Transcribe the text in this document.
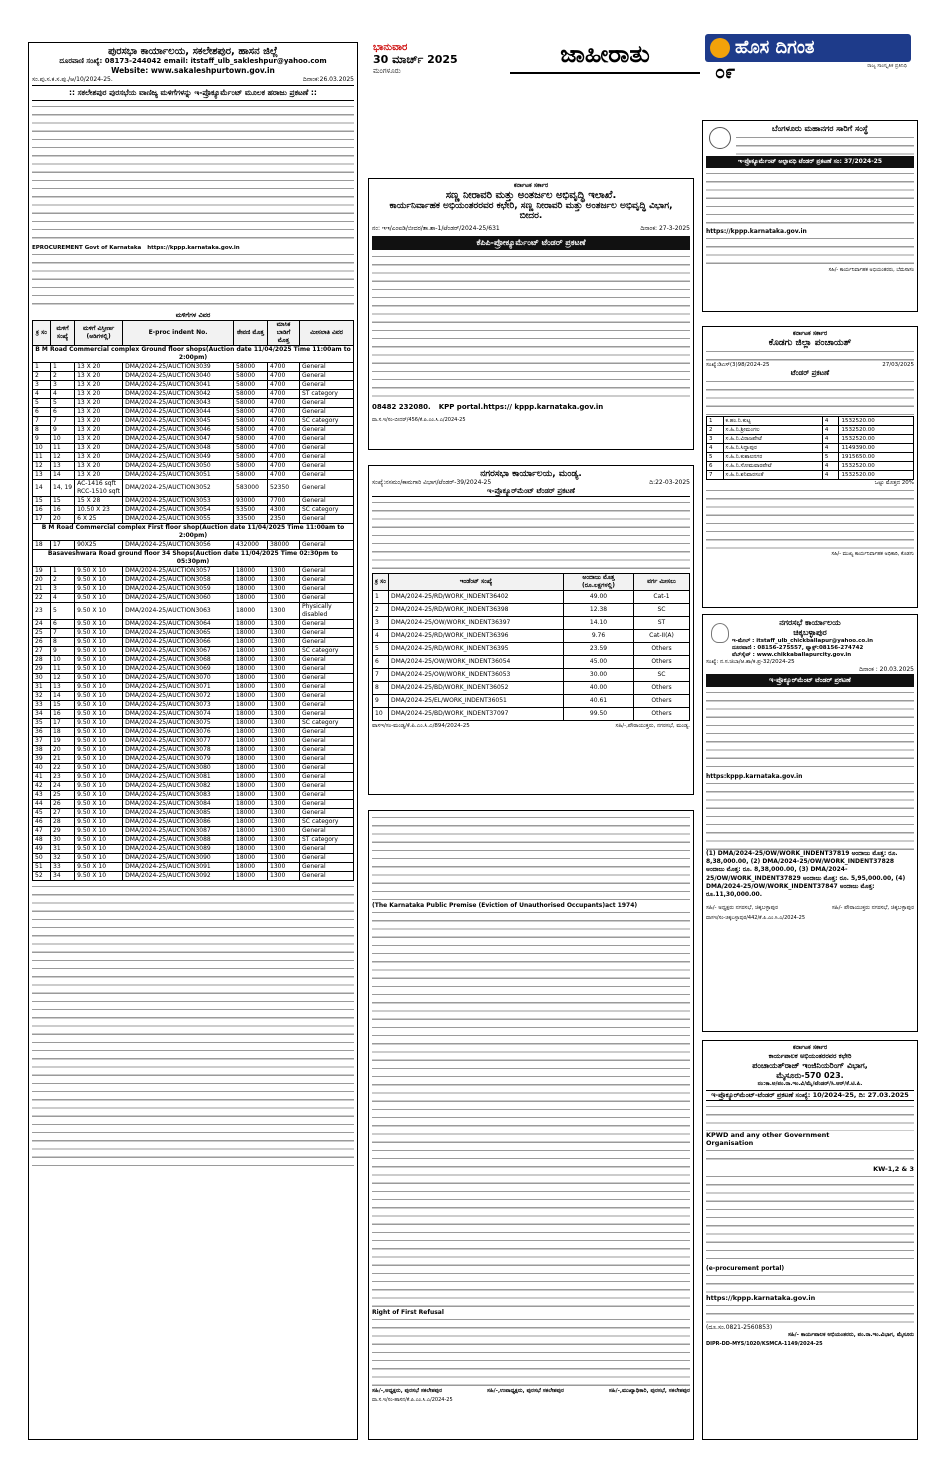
ಭಾನುವಾರ
30 ಮಾರ್ಚ್ 2025
ಮಂಗಳೂರು
ಜಾಹೀರಾತು	ಹೊಸ ದಿಗಂತ
ರಾಜ್ಯ ಸಾಂಸ್ಕೃತಿಕ ಪ್ರತಿನಿಧಿ
೦೯
ಪುರಸಭಾ ಕಾರ್ಯಾಲಯ, ಸಕಲೇಶಪುರ, ಹಾಸನ ಜಿಲ್ಲೆ
ದೂರವಾಣಿ ಸಂಖ್ಯೆ: 08173-244042 email: itstaff_ulb_sakleshpur@yahoo.com
Website: www.sakaleshpurtown.gov.in
ಸಂ.ಪು.ಸ.ಕ.ಸ.ಪು./ಆ/10/2024-25.	ದಿನಾಂಕ:26.03.2025
:: ಸಕಲೇಶಪುರ ಪುರಸಭೆಯ ವಾಣಿಜ್ಯ ಮಳಿಗೆಗಳನ್ನು ಇ-ಪ್ರೊಕ್ಯೂರ್ಮೆಂಟ್ ಮೂಲಕ ಹರಾಜು ಪ್ರಕಟಣೆ ::
EPROCUREMENT Govt of Karnataka https://kppp.karnataka.gov.in
ಮಳಿಗೆಗಳ ವಿವರ
ಕ್ರ ಸಂ	ಮಳಿಗೆ ಸಂಖ್ಯೆ	ಮಳಿಗೆ ವಿಸ್ತೀರ್ಣ (ಅಡಿಗಳಲ್ಲಿ)	E-proc indent No.	ಠೇವಣಿ ಮೊತ್ತ	ಮಾಸಿಕ ಬಾಡಿಗೆ ಮೊತ್ತ	ಮೀಸಲಾತಿ ವಿವರ
B M Road Commercial complex Ground floor shops(Auction date 11/04/2025 Time 11:00am to 2:00pm)						
1	1	13 X 20	DMA/2024-25/AUCTION3039	58000	4700	General
2	2	13 X 20	DMA/2024-25/AUCTION3040	58000	4700	General
3	3	13 X 20	DMA/2024-25/AUCTION3041	58000	4700	General
4	4	13 X 20	DMA/2024-25/AUCTION3042	58000	4700	ST category
5	5	13 X 20	DMA/2024-25/AUCTION3043	58000	4700	General
6	6	13 X 20	DMA/2024-25/AUCTION3044	58000	4700	General
7	7	13 X 20	DMA/2024-25/AUCTION3045	58000	4700	SC category
8	9	13 X 20	DMA/2024-25/AUCTION3046	58000	4700	General
9	10	13 X 20	DMA/2024-25/AUCTION3047	58000	4700	General
10	11	13 X 20	DMA/2024-25/AUCTION3048	58000	4700	General
11	12	13 X 20	DMA/2024-25/AUCTION3049	58000	4700	General
12	13	13 X 20	DMA/2024-25/AUCTION3050	58000	4700	General
13	14	13 X 20	DMA/2024-25/AUCTION3051	58000	4700	General
14	14, 19	AC-1416 sqft RCC-1510 sqft	DMA/2024-25/AUCTION3052	583000	52350	General
15	15	15 X 28	DMA/2024-25/AUCTION3053	93000	7700	General
16	16	10.50 X 23	DMA/2024-25/AUCTION3054	53500	4300	SC category
17	20	6 X 25	DMA/2024-25/AUCTION3055	33500	2350	General
B M Road Commercial complex First floor shop(Auction date 11/04/2025 Time 11:00am to 2:00pm)						
18	17	90X25	DMA/2024-25/AUCTION3056	432000	38000	General
Basaveshwara Road ground floor 34 Shops(Auction date 11/04/2025 Time 02:30pm to 05:30pm)						
19	1	9.50 X 10	DMA/2024-25/AUCTION3057	18000	1300	General
20	2	9.50 X 10	DMA/2024-25/AUCTION3058	18000	1300	General
21	3	9.50 X 10	DMA/2024-25/AUCTION3059	18000	1300	General
22	4	9.50 X 10	DMA/2024-25/AUCTION3060	18000	1300	General
23	5	9.50 X 10	DMA/2024-25/AUCTION3063	18000	1300	Physically disabled
24	6	9.50 X 10	DMA/2024-25/AUCTION3064	18000	1300	General
25	7	9.50 X 10	DMA/2024-25/AUCTION3065	18000	1300	General
26	8	9.50 X 10	DMA/2024-25/AUCTION3066	18000	1300	General
27	9	9.50 X 10	DMA/2024-25/AUCTION3067	18000	1300	SC category
28	10	9.50 X 10	DMA/2024-25/AUCTION3068	18000	1300	General
29	11	9.50 X 10	DMA/2024-25/AUCTION3069	18000	1300	General
30	12	9.50 X 10	DMA/2024-25/AUCTION3070	18000	1300	General
31	13	9.50 X 10	DMA/2024-25/AUCTION3071	18000	1300	General
32	14	9.50 X 10	DMA/2024-25/AUCTION3072	18000	1300	General
33	15	9.50 X 10	DMA/2024-25/AUCTION3073	18000	1300	General
34	16	9.50 X 10	DMA/2024-25/AUCTION3074	18000	1300	General
35	17	9.50 X 10	DMA/2024-25/AUCTION3075	18000	1300	SC category
36	18	9.50 X 10	DMA/2024-25/AUCTION3076	18000	1300	General
37	19	9.50 X 10	DMA/2024-25/AUCTION3077	18000	1300	General
38	20	9.50 X 10	DMA/2024-25/AUCTION3078	18000	1300	General
39	21	9.50 X 10	DMA/2024-25/AUCTION3079	18000	1300	General
40	22	9.50 X 10	DMA/2024-25/AUCTION3080	18000	1300	General
41	23	9.50 X 10	DMA/2024-25/AUCTION3081	18000	1300	General
42	24	9.50 X 10	DMA/2024-25/AUCTION3082	18000	1300	General
43	25	9.50 X 10	DMA/2024-25/AUCTION3083	18000	1300	General
44	26	9.50 X 10	DMA/2024-25/AUCTION3084	18000	1300	General
45	27	9.50 X 10	DMA/2024-25/AUCTION3085	18000	1300	General
46	28	9.50 X 10	DMA/2024-25/AUCTION3086	18000	1300	SC category
47	29	9.50 X 10	DMA/2024-25/AUCTION3087	18000	1300	General
48	30	9.50 X 10	DMA/2024-25/AUCTION3088	18000	1300	ST category
49	31	9.50 X 10	DMA/2024-25/AUCTION3089	18000	1300	General
50	32	9.50 X 10	DMA/2024-25/AUCTION3090	18000	1300	General
51	33	9.50 X 10	DMA/2024-25/AUCTION3091	18000	1300	General
52	34	9.50 X 10	DMA/2024-25/AUCTION3092	18000	1300	General
ಕರ್ನಾಟಕ ಸರ್ಕಾರ
ಸಣ್ಣ ನೀರಾವರಿ ಮತ್ತು ಅಂತರ್ಜಲ ಅಭಿವೃದ್ಧಿ ಇಲಾಖೆ.
ಕಾರ್ಯನಿರ್ವಾಹಕ ಅಭಿಯಂತರರವರ ಕಛೇರಿ, ಸಣ್ಣ ನೀರಾವರಿ ಮತ್ತು ಅಂತರ್ಜಲ ಅಭಿವೃದ್ಧಿ ವಿಭಾಗ, ಬೀದರ.
ನಂ: ಇಇ/ಎಂಐಡಿ/ಬೀದರ/ತಾ.ಶಾ-1/ಟೆಂಡರ್/2024-25/631	ದಿನಾಂಕ: 27-3-2025
ಕೆಪಿಪಿ-ಪ್ರೋಕ್ಯೂರ್ಮೆಂಟ್ ಟೆಂಡರ್ ಪ್ರಕಟಣೆ
08482 232080. KPP portal.https:// kppp.karnataka.gov.in
ವಾ.ಸ.ಇ/ಸಂ-ಬೀದರ್/456/ಕೆ.ಪಿ.ಎಂ.ಸಿ.ಎ/2024-25
ನಗರಸಭಾ ಕಾರ್ಯಾಲಯ, ಮಂಡ್ಯ.
ಸಂಖ್ಯೆ:ನಸಮಂ/ಕಾಮಗಾರಿ ವಿಭಾಗ/ಟೆಂಡರ್-39/2024-25	ದಿ:22-03-2025
ಇ-ಪ್ರೊಕ್ಯೂರ್‌ಮೆಂಟ್ ಟೆಂಡರ್ ಪ್ರಕಟಣೆ
ಕ್ರ ಸಂ	ಇಂಡೆಂಟ್ ಸಂಖ್ಯೆ	ಅಂದಾಜು ಮೊತ್ತ (ರೂ.ಲಕ್ಷಗಳಲ್ಲಿ)	ವರ್ಗ ಮೀಸಲು
1	DMA/2024-25/RD/WORK_INDENT36402	49.00	Cat-1
2	DMA/2024-25/RD/WORK_INDENT36398	12.38	SC
3	DMA/2024-25/OW/WORK_INDENT36397	14.10	ST
4	DMA/2024-25/RD/WORK_INDENT36396	9.76	Cat-II(A)
5	DMA/2024-25/RD/WORK_INDENT36395	23.59	Others
6	DMA/2024-25/OW/WORK_INDENT36054	45.00	Others
7	DMA/2024-25/OW/WORK_INDENT36053	30.00	SC
8	DMA/2024-25/BD/WORK_INDENT36052	40.00	Others
9	DMA/2024-25/EL/WORK_INDENT36051	40.61	Others
10	DMA/2024-25/BD/WORK_INDENT37097	99.50	Others
ವಾಸಇ/ಸಂ-ಮಂಡ್ಯ/ಕೆ.ಪಿ.ಎಂ.ಸಿ.ಎ/894/2024-25	ಸಹಿ/-,ಪೌರಾಯುಕ್ತರು, ನಗರಸಭೆ, ಮಂಡ್ಯ.
(The Karnataka Public Premise (Eviction of Unauthorised Occupants)act 1974)
Right of First Refusal
ಸಹಿ/-,ಅಧ್ಯಕ್ಷರು, ಪುರಸಭೆ ಸಕಲೇಶಪುರ	ಸಹಿ/-,ಉಪಾಧ್ಯಕ್ಷರು, ಪುರಸಭೆ ಸಕಲೇಶಪುರ	ಸಹಿ/-,ಮುಖ್ಯಾಧಿಕಾರಿ, ಪುರಸಭೆ, ಸಕಲೇಶಪುರ
ವಾ.ಸ.ಇ/ಸಂ-ಹಾಸನ/ಕೆ.ಪಿ.ಎಂ.ಸಿ.ಎ/2024-25
ಬೆಂಗಳೂರು ಮಹಾನಗರ ಸಾರಿಗೆ ಸಂಸ್ಥೆ
ಇ-ಪ್ರೊಕ್ಯೂರ್ಮೆಂಟ್ ಅಲ್ಪಾವಧಿ ಟೆಂಡರ್ ಪ್ರಕಟಣೆ ಸಂ: 37/2024-25
https://kppp.karnataka.gov.in
ಸಹಿ/- ಕಾರ್ಯನಿರ್ವಾಹಕ ಅಭಿಯಂತರರು, ಬೆಮಸಾಸಂ
ಕರ್ನಾಟಕ ಸರ್ಕಾರ
ಕೊಡಗು ಜಿಲ್ಲಾ ಪಂಚಾಯತ್
ಸಂಖ್ಯೆ:ಡಿಎಸ್(3)98/2024-25	27/03/2025
ಟೆಂಡರ್ ಪ್ರಕಟಣೆ
1	ಕ.ಹಂ.ನಿ.ಕುಟ್ಟ	4	1532520.00
2	ಸ.ಹಿ.ನಿ.ಶ್ರೀಮಂಗಲ	4	1532520.00
3	ಸ.ಹಿ.ನಿ.ವಿರಾಜಪೇಟೆ	4	1532520.00
4	ಸ.ಹಿ.ನಿ.ಸಿದ್ದಾಪುರ	4	1149390.00
5	ಸ.ಹಿ.ನಿ.ಕುಶಾಲನಗರ	5	1915650.00
6	ಸ.ಹಿ.ನಿ.ಸೋಮವಾರಪೇಟೆ	4	1532520.00
7	ಸ.ಹಿ.ನಿ.ಶನಿವಾರಸಂತೆ	4	1532520.00
ಒಟ್ಟು ಮೊತ್ತದ 20%
ಸಹಿ/- ಮುಖ್ಯ ಕಾರ್ಯನಿರ್ವಾಹಕ ಅಧಿಕಾರಿ, ಕೊಡಗು
ನಗರಸಭೆ ಕಾರ್ಯಾಲಯ
ಚಿಕ್ಕಬಳ್ಳಾಪುರ
ಇ-ಮೇಲ್ : itstaff_ulb_chickballapur@yahoo.co.in
ದೂರವಾಣಿ : 08156-275557, ಫ್ಯಾಕ್ಸ್:08156-274742
ವೆಬ್‌ಸೈಟ್ : www.chikkaballapurcity.gov.in
ಸಂಖ್ಯೆ: ನ.ಸ.ಚಿಬಾ/ಆ.ಶಾ/ಕ.ಪ್ರ-32/2024-25
ದಿನಾಂಕ : 20.03.2025
ಇ-ಪ್ರೊಕ್ಯೂರ್‌ಮೆಂಟ್ ಟೆಂಡರ್ ಪ್ರಕಟಣೆ
https:kppp.karnataka.gov.in
(1) DMA/2024-25/OW/WORK_INDENT37819 ಅಂದಾಜು ಮೊತ್ತ: ರೂ. 8,38,000.00, (2) DMA/2024-25/OW/WORK_INDENT37828 ಅಂದಾಜು ಮೊತ್ತ: ರೂ. 8,38,000.00, (3) DMA/2024-25/OW/WORK_INDENT37829 ಅಂದಾಜು ಮೊತ್ತ: ರೂ. 5,95,000.00, (4) DMA/2024-25/OW/WORK_INDENT37847 ಅಂದಾಜು ಮೊತ್ತ: ರೂ.11,30,000.00.
ಸಹಿ/- ಅಧ್ಯಕ್ಷರು ನಗರಸಭೆ, ಚಿಕ್ಕಬಳ್ಳಾಪುರ	ಸಹಿ/- ಪೌರಾಯುಕ್ತರು ನಗರಸಭೆ, ಚಿಕ್ಕಬಳ್ಳಾಪುರ
ವಾಸಇ/ಸಂ-ಚಿಕ್ಕಬಳ್ಳಾಪುರ/442/ಕೆ.ಪಿ.ಎಂ.ಸಿ.ಎ/2024-25
ಕರ್ನಾಟಕ ಸರ್ಕಾರ
ಕಾರ್ಯಪಾಲಕ ಅಭಿಯಂತರರವರ ಕಛೇರಿ
ಪಂಚಾಯತ್‌ರಾಜ್ ಇಂಜಿನಿಯರಿಂಗ್ ವಿಭಾಗ,
ಮೈಸೂರು-570 023.
ನಂ:ಕಾ.ಅ/ಪಂ.ರಾ.ಇಂ.ವಿ/ಮೈ/ಟೆಂಡರ್/ಸಿ.ಆರ್/ಕೆ.ಟಿ.ಪಿ.
ಇ-ಪ್ರೊಕ್ಯೂರ್‌ಮೆಂಟ್-ಟೆಂಡರ್ ಪ್ರಕಟಣೆ ಸಂಖ್ಯೆ: 10/2024-25, ದಿ: 27.03.2025
KPWD and any other Government
Organisation
KW-1,2 & 3
(e-procurement portal)
https://kppp.karnataka.gov.in
(ದೂ.ಸಂ.0821-2560853)
ಸಹಿ/- ಕಾರ್ಯಪಾಲಕ ಅಭಿಯಂತರರು, ಪಂ.ರಾ.ಇಂ.ವಿಭಾಗ, ಮೈಸೂರು
DIPR-DD-MYS/1020/KSMCA-1149/2024-25
